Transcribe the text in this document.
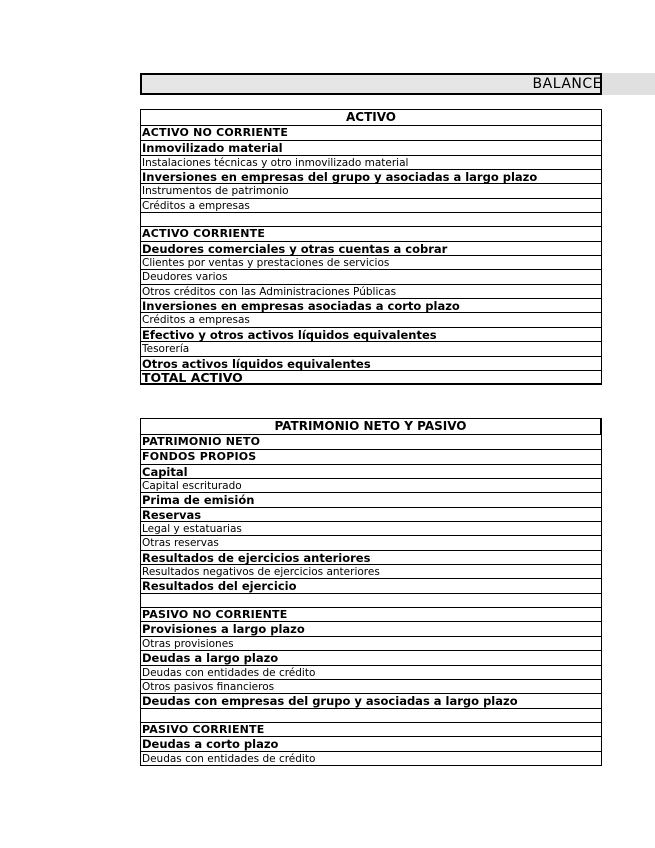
BALANCE
ACTIVO
ACTIVO NO CORRIENTE
Inmovilizado material
Instalaciones técnicas y otro inmovilizado material
Inversiones en empresas del grupo y asociadas a largo plazo
Instrumentos de patrimonio
Créditos a empresas
ACTIVO CORRIENTE
Deudores comerciales y otras cuentas a cobrar
Clientes por ventas y prestaciones de servicios
Deudores varios
Otros créditos con las Administraciones Públicas
Inversiones en empresas asociadas a corto plazo
Créditos a empresas
Efectivo y otros activos líquidos equivalentes
Tesorería
Otros activos líquidos equivalentes
TOTAL ACTIVO
PATRIMONIO NETO Y PASIVO
PATRIMONIO NETO
FONDOS PROPIOS
Capital
Capital escriturado
Prima de emisión
Reservas
Legal y estatuarias
Otras reservas
Resultados de ejercicios anteriores
Resultados negativos de ejercicios anteriores
Resultados del ejercicio
PASIVO NO CORRIENTE
Provisiones a largo plazo
Otras provisiones
Deudas a largo plazo
Deudas con entidades de crédito
Otros pasivos financieros
Deudas con empresas del grupo y asociadas a largo plazo
PASIVO CORRIENTE
Deudas a corto plazo
Deudas con entidades de crédito
